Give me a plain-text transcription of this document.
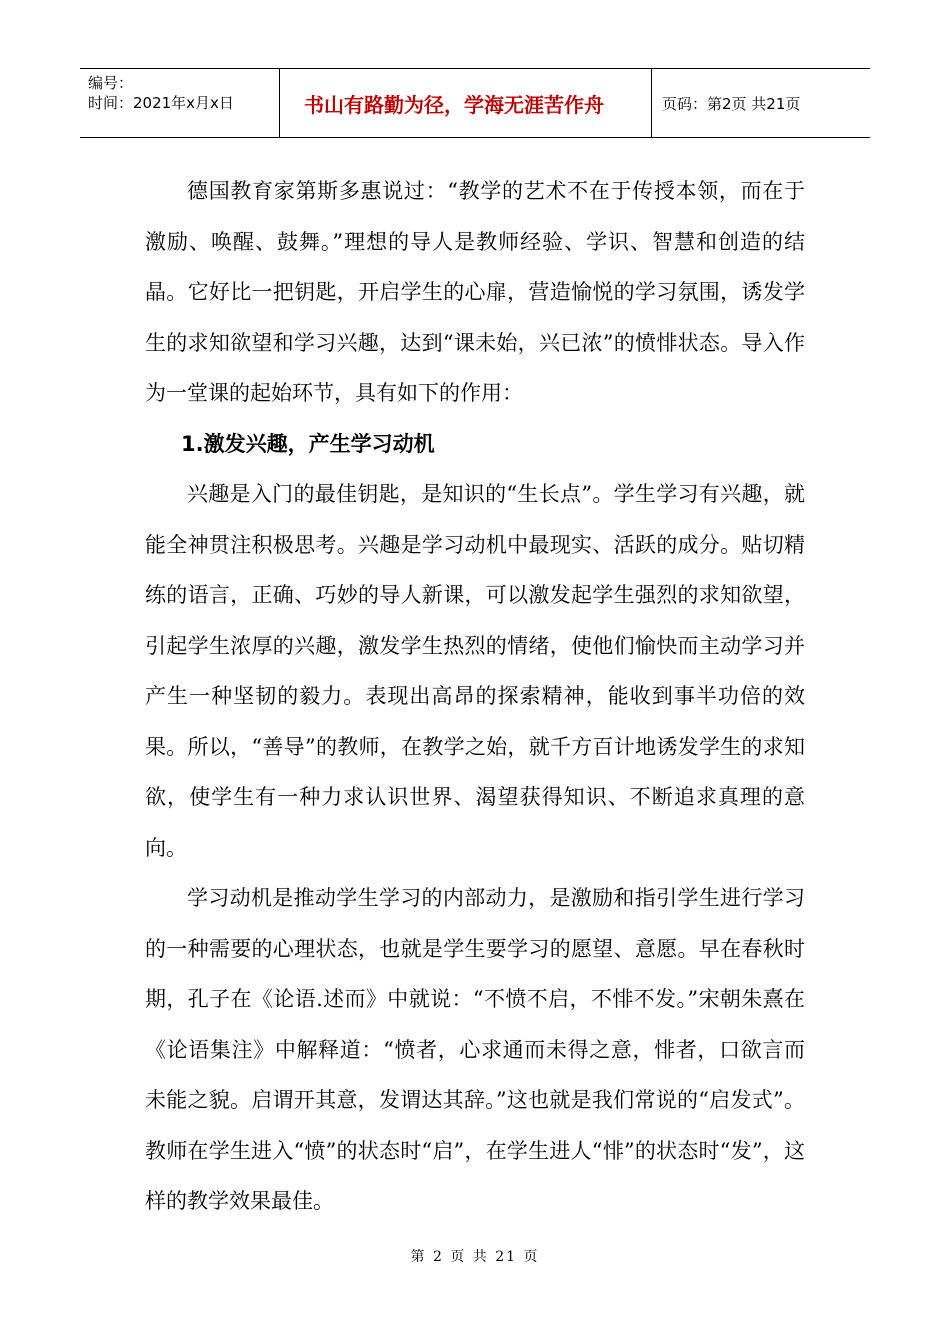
编号：
时间：2021年x月x日	书山有路勤为径，学海无涯苦作舟	页码：第2页 共21页

德国教育家第斯多惠说过：“教学的艺术不在于传授本领，而在于激励、唤醒、鼓舞。”理想的导人是教师经验、学识、智慧和创造的结晶。它好比一把钥匙，开启学生的心扉，营造愉悦的学习氛围，诱发学生的求知欲望和学习兴趣，达到“课未始，兴已浓”的愤悱状态。导入作为一堂课的起始环节，具有如下的作用：

1.激发兴趣，产生学习动机

兴趣是入门的最佳钥匙，是知识的“生长点”。学生学习有兴趣，就能全神贯注积极思考。兴趣是学习动机中最现实、活跃的成分。贴切精练的语言，正确、巧妙的导人新课，可以激发起学生强烈的求知欲望，引起学生浓厚的兴趣，激发学生热烈的情绪，使他们愉快而主动学习并产生一种坚韧的毅力。表现出高昂的探索精神，能收到事半功倍的效果。所以，“善导”的教师，在教学之始，就千方百计地诱发学生的求知欲，使学生有一种力求认识世界、渴望获得知识、不断追求真理的意向。

学习动机是推动学生学习的内部动力，是激励和指引学生进行学习的一种需要的心理状态，也就是学生要学习的愿望、意愿。早在春秋时期，孔子在《论语.述而》中就说：“不愤不启，不悱不发。”宋朝朱熹在《论语集注》中解释道：“愤者，心求通而未得之意，悱者，口欲言而未能之貌。启谓开其意，发谓达其辞。”这也就是我们常说的“启发式”。教师在学生进入“愤”的状态时“启”，在学生进人“悱”的状态时“发”，这样的教学效果最佳。

第 2 页 共 21 页
